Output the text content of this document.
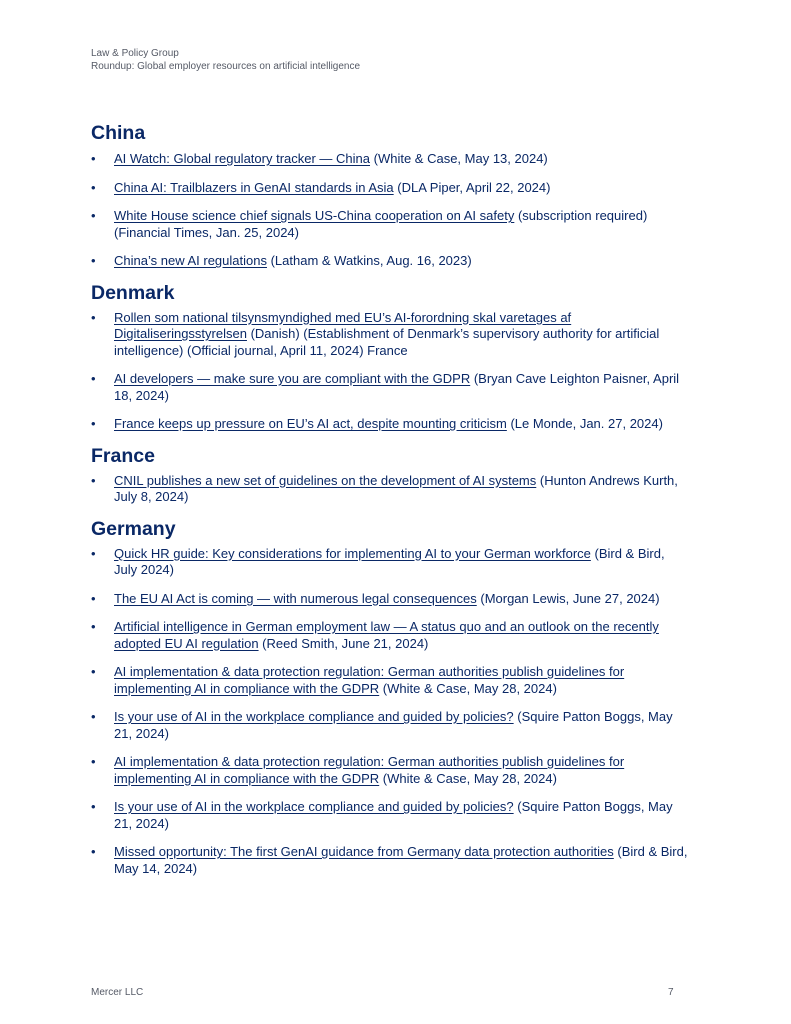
Law & Policy Group
Roundup: Global employer resources on artificial intelligence
China
• AI Watch: Global regulatory tracker — China (White & Case, May 13, 2024)
• China AI: Trailblazers in GenAI standards in Asia (DLA Piper, April 22, 2024)
• White House science chief signals US-China cooperation on AI safety (subscription required) (Financial Times, Jan. 25, 2024)
• China’s new AI regulations (Latham & Watkins, Aug. 16, 2023)
Denmark
• Rollen som national tilsynsmyndighed med EU’s AI-forordning skal varetages af Digitaliseringsstyrelsen (Danish) (Establishment of Denmark’s supervisory authority for artificial intelligence) (Official journal, April 11, 2024) France
• AI developers — make sure you are compliant with the GDPR (Bryan Cave Leighton Paisner, April 18, 2024)
• France keeps up pressure on EU’s AI act, despite mounting criticism (Le Monde, Jan. 27, 2024)
France
• CNIL publishes a new set of guidelines on the development of AI systems (Hunton Andrews Kurth, July 8, 2024)
Germany
• Quick HR guide: Key considerations for implementing AI to your German workforce (Bird & Bird, July 2024)
• The EU AI Act is coming — with numerous legal consequences (Morgan Lewis, June 27, 2024)
• Artificial intelligence in German employment law — A status quo and an outlook on the recently adopted EU AI regulation (Reed Smith, June 21, 2024)
• AI implementation & data protection regulation: German authorities publish guidelines for implementing AI in compliance with the GDPR (White & Case, May 28, 2024)
• Is your use of AI in the workplace compliance and guided by policies? (Squire Patton Boggs, May 21, 2024)
• AI implementation & data protection regulation: German authorities publish guidelines for implementing AI in compliance with the GDPR (White & Case, May 28, 2024)
• Is your use of AI in the workplace compliance and guided by policies? (Squire Patton Boggs, May 21, 2024)
• Missed opportunity: The first GenAI guidance from Germany data protection authorities (Bird & Bird, May 14, 2024)
Mercer LLC	7
